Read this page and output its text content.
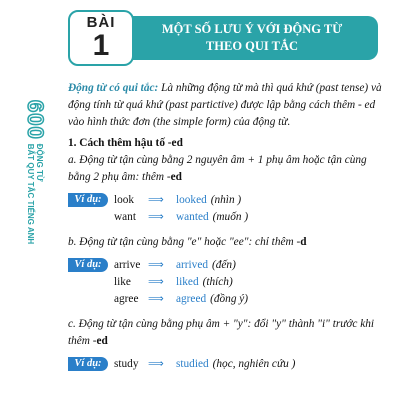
600
ĐỘNG TỪ
BẤT QUY TẮC TIẾNG ANH
MỘT SỐ LƯU Ý VỚI ĐỘNG TỪ
THEO QUI TẮC
BÀI
1

Động từ có qui tắc: Là những động từ mà thì quá khứ (past tense) và động tính từ quá khứ (past partictive) được lập bằng cách thêm - ed vào hình thức đơn (the simple form) của động từ.

1. Cách thêm hậu tố -ed

a. Động từ tận cùng bằng 2 nguyên âm + 1 phụ âm hoặc tận cùng bằng 2 phụ âm: thêm -ed

Ví dụ:	look	⟹	looked (nhìn )
want	⟹	wanted (muốn )

b. Động từ tận cùng bằng "e" hoặc "ee": chỉ thêm -d

Ví dụ:	arrive ⟹	arrived (đến)
like	⟹	liked (thích)
agree ⟹	agreed (đồng ý)

c. Động từ tận cùng bằng phụ âm + "y": đổi "y" thành "i" trước khi thêm -ed

Ví dụ:	study ⟹	studied (học, nghiên cứu )
